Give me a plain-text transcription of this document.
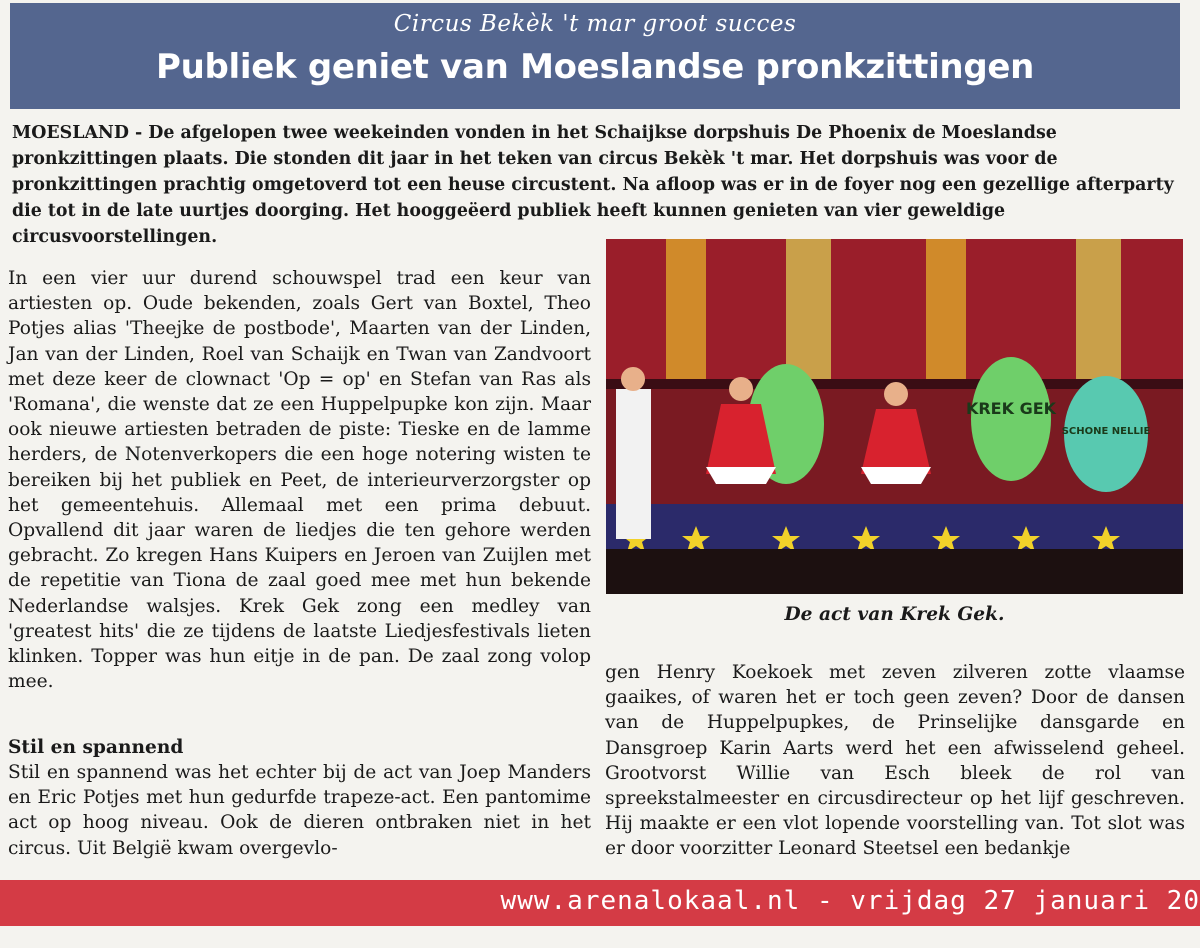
Circus Bekèk 't mar groot succes
Publiek geniet van Moeslandse pronkzittingen

MOESLAND - De afgelopen twee weekeinden vonden in het Schaijkse dorpshuis De Phoenix de Moeslandse pronkzittingen plaats. Die stonden dit jaar in het teken van circus Bekèk 't mar. Het dorpshuis was voor de pronkzittingen prachtig omgetoverd tot een heuse circustent. Na afloop was er in de foyer nog een gezellige afterparty die tot in de late uurtjes doorging. Het hooggeëerd publiek heeft kunnen genieten van vier geweldige circusvoorstellingen.

In een vier uur durend schouwspel trad een keur van artiesten op. Oude bekenden, zoals Gert van Boxtel, Theo Potjes alias 'Theejke de postbode', Maarten van der Linden, Jan van der Linden, Roel van Schaijk en Twan van Zandvoort met deze keer de clownact 'Op = op' en Stefan van Ras als 'Romana', die wenste dat ze een Huppelpupke kon zijn. Maar ook nieuwe artiesten betraden de piste: Tieske en de lamme herders, de Notenverkopers die een hoge notering wisten te bereiken bij het publiek en Peet, de interieurverzorgster op het gemeentehuis. Allemaal met een prima debuut. Opvallend dit jaar waren de liedjes die ten gehore werden gebracht. Zo kregen Hans Kuipers en Jeroen van Zuijlen met de repetitie van Tiona de zaal goed mee met hun bekende Nederlandse walsjes. Krek Gek zong een medley van 'greatest hits' die ze tijdens de laatste Liedjesfestivals lieten klinken. Topper was hun eitje in de pan. De zaal zong volop mee.

Stil en spannend
Stil en spannend was het echter bij de act van Joep Manders en Eric Potjes met hun gedurfde trapeze-act. Een pantomime act op hoog niveau. Ook de dieren ontbraken niet in het circus. Uit België kwam overgevlo-
gen Henry Koekoek met zeven zilveren zotte vlaamse gaaikes, of waren het er toch geen zeven? Door de dansen van de Huppelpupkes, de Prinselijke dansgarde en Dansgroep Karin Aarts werd het een afwisselend geheel. Grootvorst Willie van Esch bleek de rol van spreekstalmeester en circusdirecteur op het lijf geschreven. Hij maakte er een vlot lopende voorstelling van. Tot slot was er door voorzitter Leonard Steetsel een bedankje
KREK GEK
SCHONE NELLIE
De act van Krek Gek.
www.arenalokaal.nl - vrijdag 27 januari 20
